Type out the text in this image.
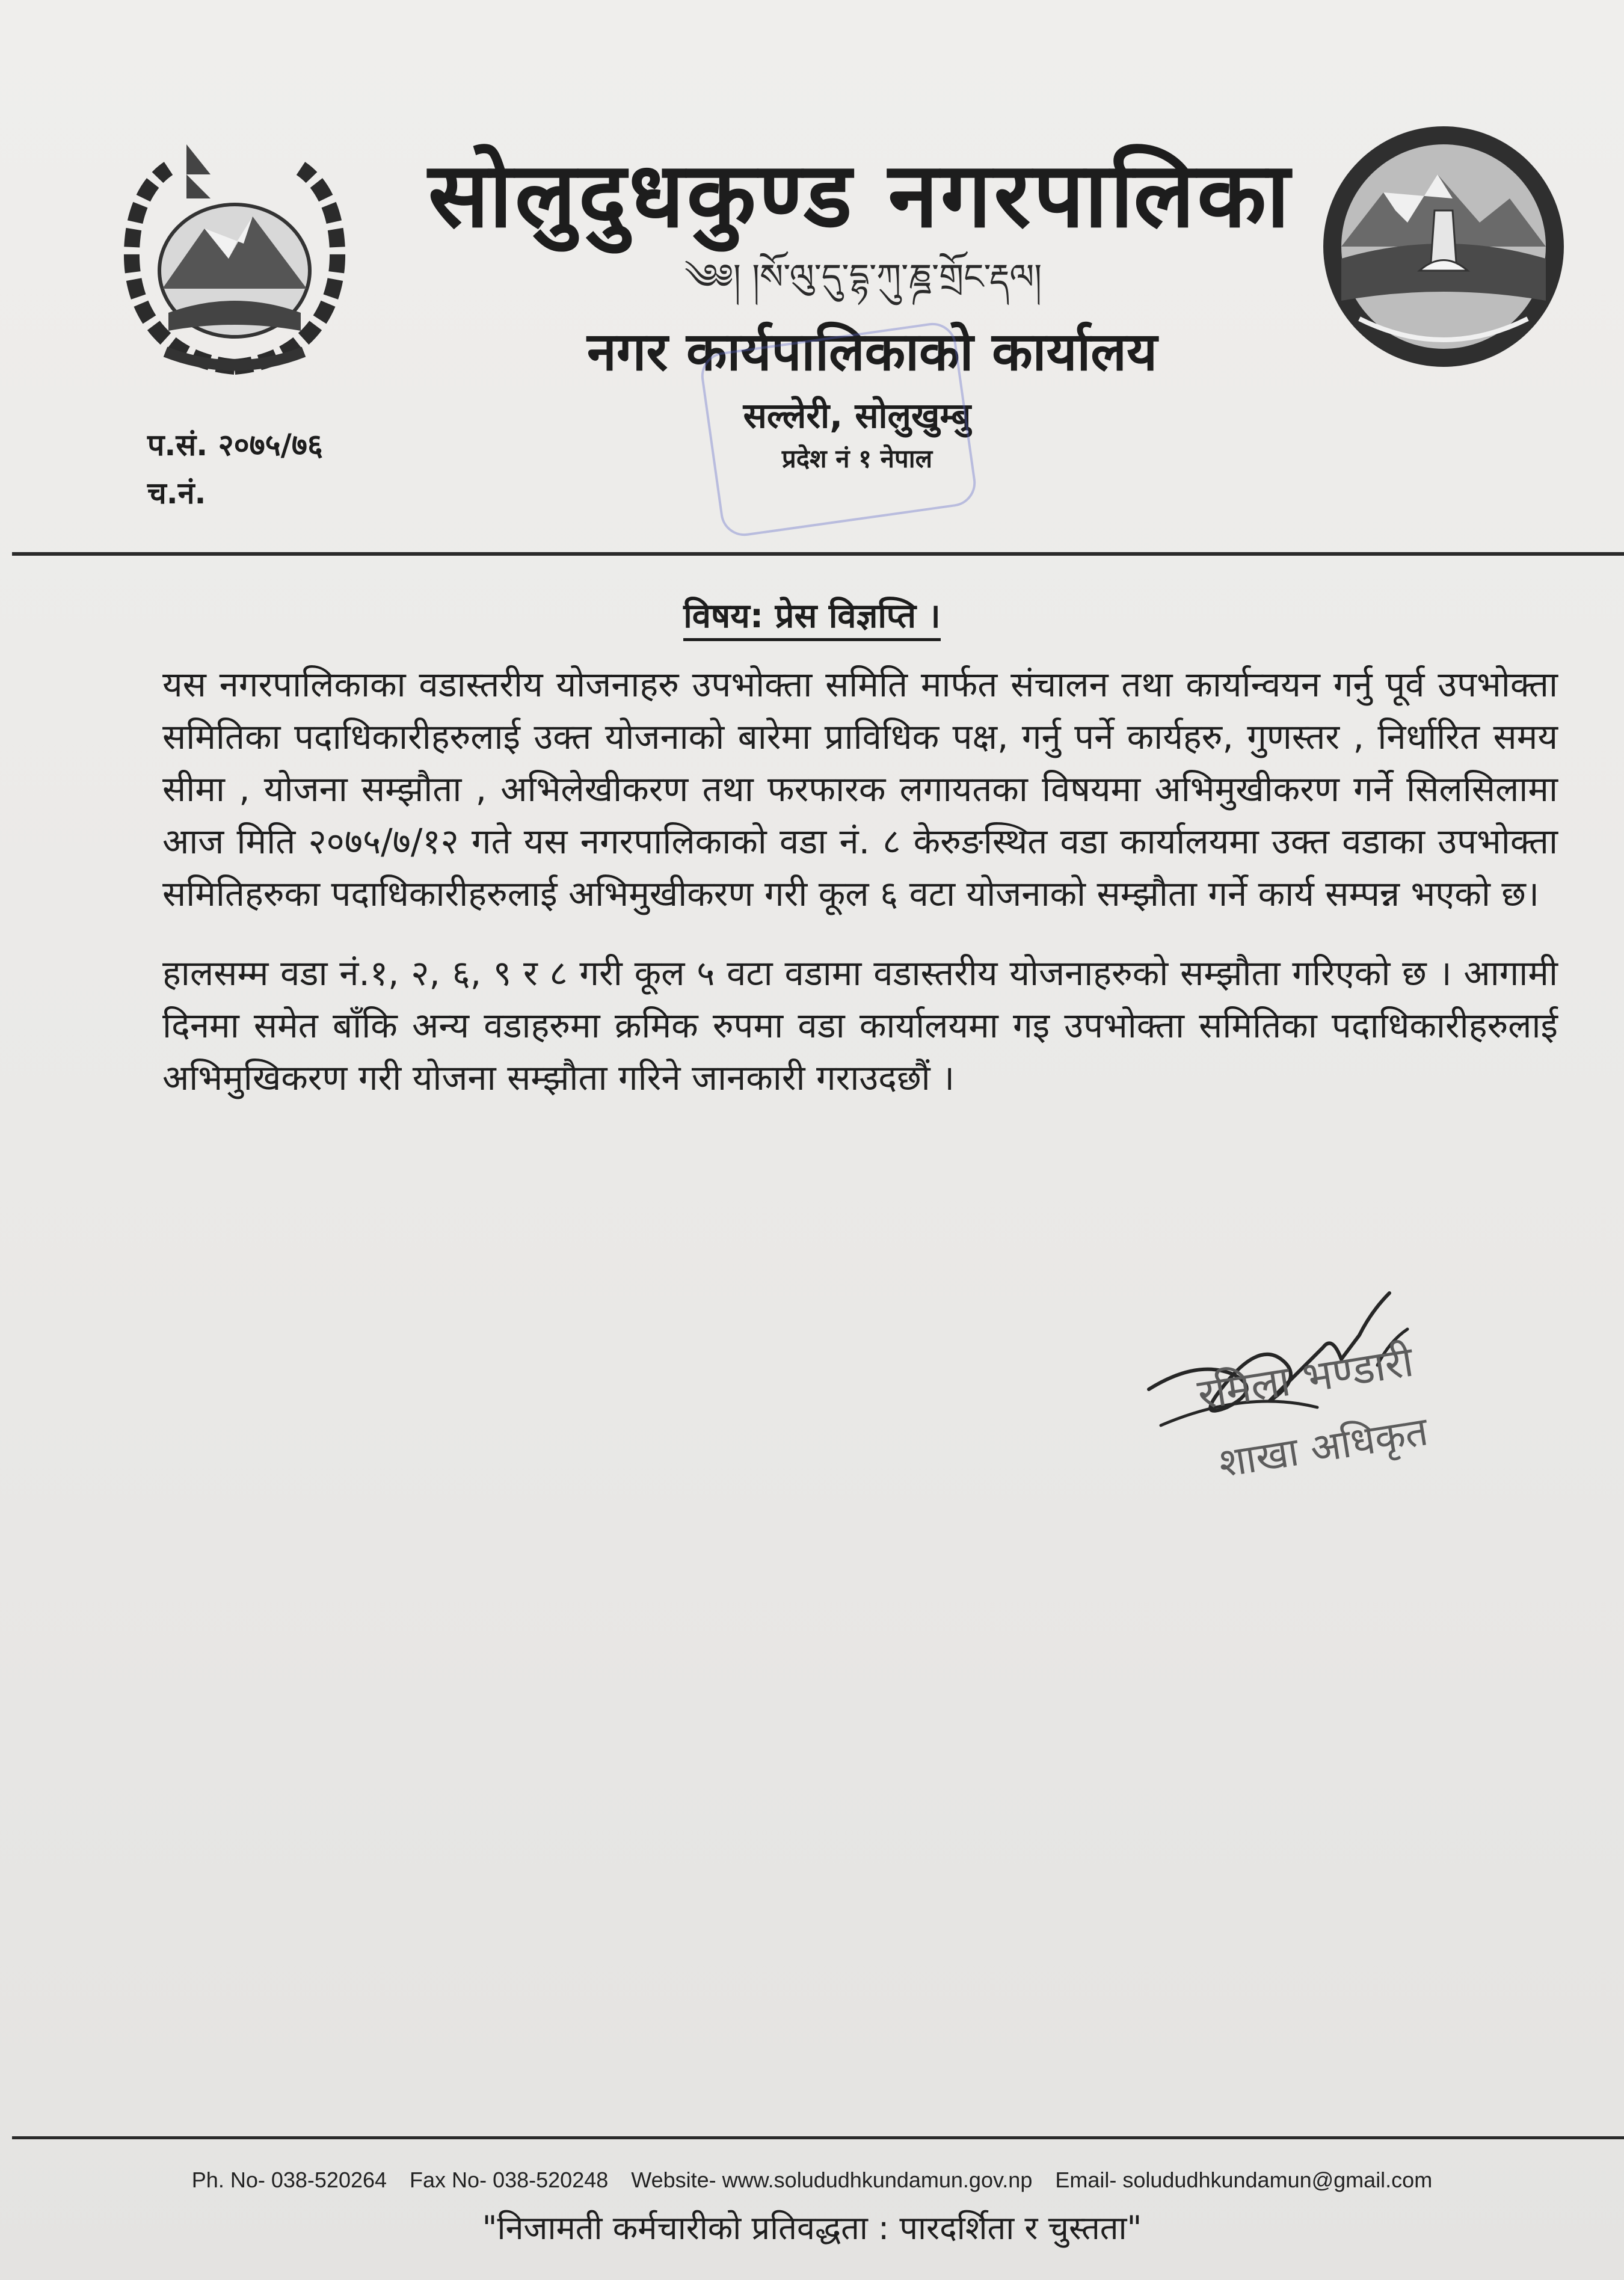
सोलुदुधकुण्ड नगरपालिका
༄༅། །སོ་ལུ་དུ་དྷ་ཀུ་ཎྜ་གྲོང་རྡལ།
नगर कार्यपालिकाको कार्यालय
सल्लेरी, सोलुखुम्बु
प्रदेश नं १ नेपाल
प.सं. २०७५/७६
च.नं.
विषय: प्रेस विज्ञप्ति ।

यस नगरपालिकाका वडास्तरीय योजनाहरु उपभोक्ता समिति मार्फत संचालन तथा कार्यान्वयन गर्नु पूर्व उपभोक्ता समितिका पदाधिकारीहरुलाई उक्त योजनाको बारेमा प्राविधिक पक्ष, गर्नु पर्ने कार्यहरु, गुणस्तर , निर्धारित समय सीमा , योजना सम्झौता , अभिलेखीकरण तथा फरफारक लगायतका विषयमा अभिमुखीकरण गर्ने सिलसिलामा आज मिति २०७५/७/१२ गते यस नगरपालिकाको वडा नं. ८ केरुङस्थित वडा कार्यालयमा उक्त वडाका उपभोक्ता समितिहरुका पदाधिकारीहरुलाई अभिमुखीकरण गरी कूल ६ वटा योजनाको सम्झौता गर्ने कार्य सम्पन्न भएको छ।

हालसम्म वडा नं.१, २, ६, ९ र ८ गरी कूल ५ वटा वडामा वडास्तरीय योजनाहरुको सम्झौता गरिएको छ । आगामी दिनमा समेत बाँकि अन्य वडाहरुमा क्रमिक रुपमा वडा कार्यालयमा गइ उपभोक्ता समितिका पदाधिकारीहरुलाई अभिमुखिकरण गरी योजना सम्झौता गरिने जानकारी गराउदछौं ।

रमिला भण्डारी
शाखा अधिकृत
Ph. No- 038-520264 Fax No- 038-520248 Website- www.solududhkundamun.gov.np Email- solududhkundamun@gmail.com
"निजामती कर्मचारीको प्रतिवद्धता : पारदर्शिता र चुस्तता"
